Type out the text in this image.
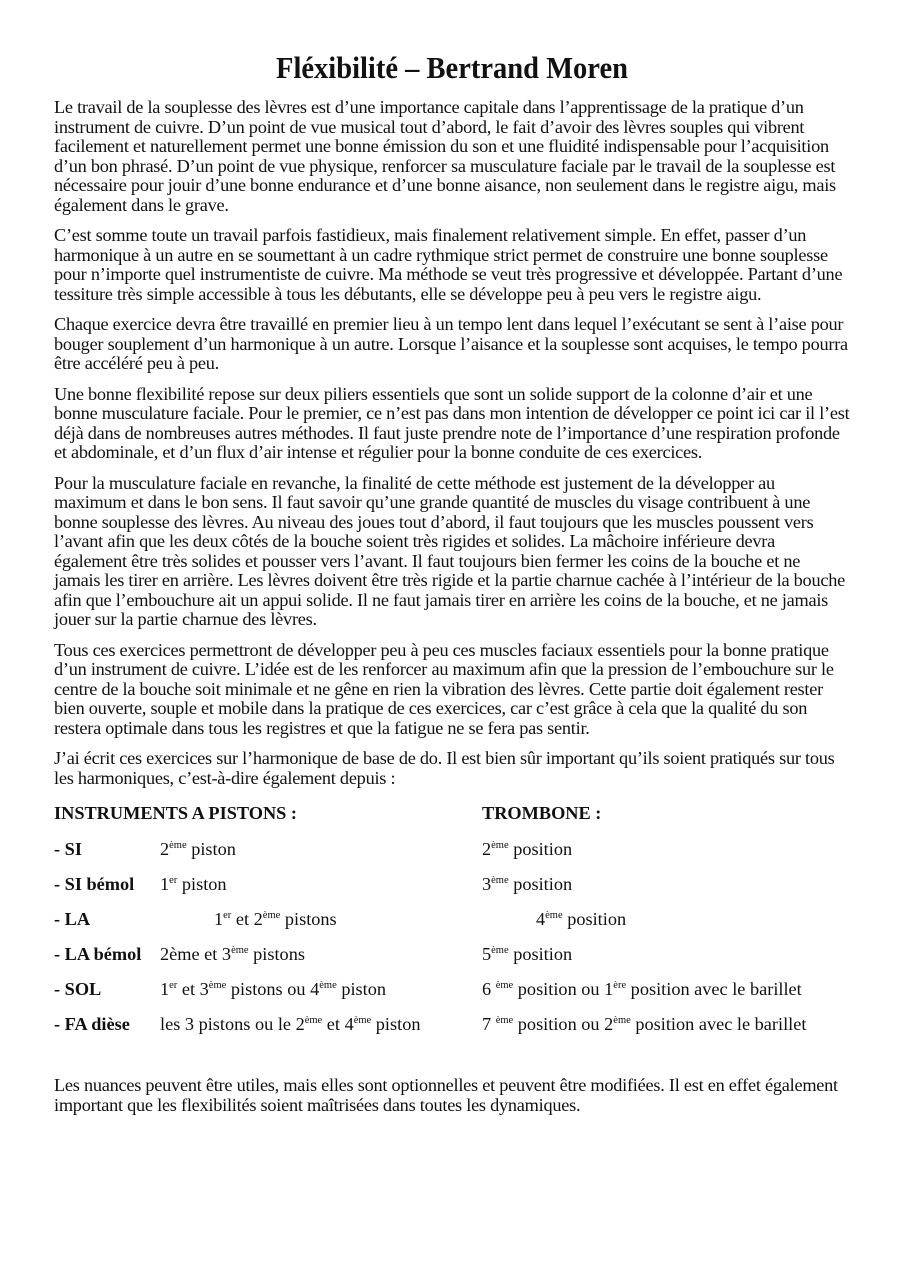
Fléxibilité – Bertrand Moren

Le travail de la souplesse des lèvres est d’une importance capitale dans l’apprentissage de la pratique d’un instrument de cuivre. D’un point de vue musical tout d’abord, le fait d’avoir des lèvres souples qui vibrent facilement et naturellement permet une bonne émission du son et une fluidité indispensable pour l’acquisition d’un bon phrasé. D’un point de vue physique, renforcer sa musculature faciale par le travail de la souplesse est nécessaire pour jouir d’une bonne endurance et d’une bonne aisance, non seulement dans le registre aigu, mais également dans le grave.

C’est somme toute un travail parfois fastidieux, mais finalement relativement simple. En effet, passer d’un harmonique à un autre en se soumettant à un cadre rythmique strict permet de construire une bonne souplesse pour n’importe quel instrumentiste de cuivre. Ma méthode se veut très progressive et développée. Partant d’une tessiture très simple accessible à tous les débutants, elle se développe peu à peu vers le registre aigu.

Chaque exercice devra être travaillé en premier lieu à un tempo lent dans lequel l’exécutant se sent à l’aise pour bouger souplement d’un harmonique à un autre. Lorsque l’aisance et la souplesse sont acquises, le tempo pourra être accéléré peu à peu.

Une bonne flexibilité repose sur deux piliers essentiels que sont un solide support de la colonne d’air et une bonne musculature faciale. Pour le premier, ce n’est pas dans mon intention de développer ce point ici car il l’est déjà dans de nombreuses autres méthodes. Il faut juste prendre note de l’importance d’une respiration profonde et abdominale, et d’un flux d’air intense et régulier pour la bonne conduite de ces exercices.

Pour la musculature faciale en revanche, la finalité de cette méthode est justement de la développer au maximum et dans le bon sens. Il faut savoir qu’une grande quantité de muscles du visage contribuent à une bonne souplesse des lèvres. Au niveau des joues tout d’abord, il faut toujours que les muscles poussent vers l’avant afin que les deux côtés de la bouche soient très rigides et solides. La mâchoire inférieure devra également être très solides et pousser vers l’avant. Il faut toujours bien fermer les coins de la bouche et ne jamais les tirer en arrière. Les lèvres doivent être très rigide et la partie charnue cachée à l’intérieur de la bouche afin que l’embouchure ait un appui solide. Il ne faut jamais tirer en arrière les coins de la bouche, et ne jamais jouer sur la partie charnue des lèvres.

Tous ces exercices permettront de développer peu à peu ces muscles faciaux essentiels pour la bonne pratique d’un instrument de cuivre. L’idée est de les renforcer au maximum afin que la pression de l’embouchure sur le centre de la bouche soit minimale et ne gêne en rien la vibration des lèvres. Cette partie doit également rester bien ouverte, souple et mobile dans la pratique de ces exercices, car c’est grâce à cela que la qualité du son restera optimale dans tous les registres et que la fatigue ne se fera pas sentir.

J’ai écrit ces exercices sur l’harmonique de base de do. Il est bien sûr important qu’ils soient pratiqués sur tous les harmoniques, c’est-à-dire également depuis :

INSTRUMENTS A PISTONS :	TROMBONE :
- SI	2ème piston	2ème position
- SI bémol 1er piston	3ème position
- LA	1er et 2ème pistons	4ème position
- LA bémol 2ème et 3ème pistons	5ème position
- SOL	1er et 3ème pistons ou 4ème piston	6 $^{ème}$ position ou 1ère position avec le barillet
- FA dièse les 3 pistons ou le 2ème et 4ème piston	7 $^{ème}$ position ou 2ème position avec le barillet

Les nuances peuvent être utiles, mais elles sont optionnelles et peuvent être modifiées. Il est en effet également important que les flexibilités soient maîtrisées dans toutes les dynamiques.
